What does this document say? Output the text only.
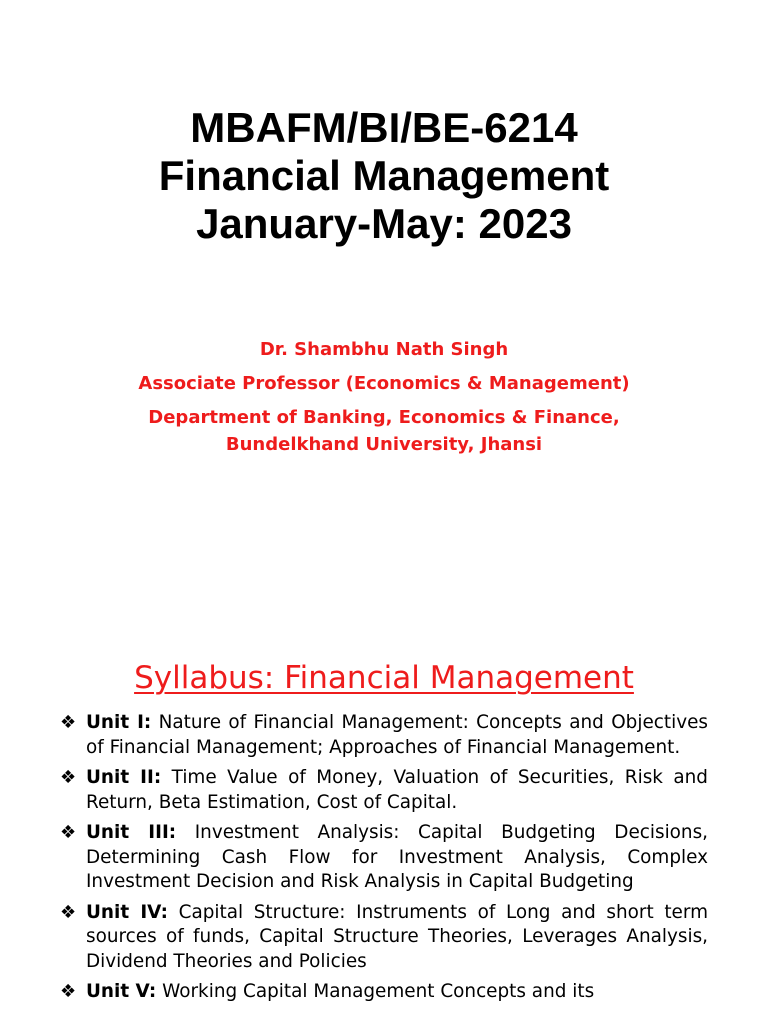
MBAFM/BI/BE-6214
Financial Management
January-May: 2023
Dr. Shambhu Nath Singh
Associate Professor (Economics & Management)
Department of Banking, Economics & Finance,
Bundelkhand University, Jhansi
Syllabus: Financial Management
❖ Unit I: Nature of Financial Management: Concepts and Objectives of Financial Management; Approaches of Financial Management.
❖ Unit II: Time Value of Money, Valuation of Securities, Risk and Return, Beta Estimation, Cost of Capital.
❖ Unit III: Investment Analysis: Capital Budgeting Decisions, Determining Cash Flow for Investment Analysis, Complex Investment Decision and Risk Analysis in Capital Budgeting
❖ Unit IV: Capital Structure: Instruments of Long and short term sources of funds, Capital Structure Theories, Leverages Analysis, Dividend Theories and Policies
❖ Unit V: Working Capital Management Concepts and its
